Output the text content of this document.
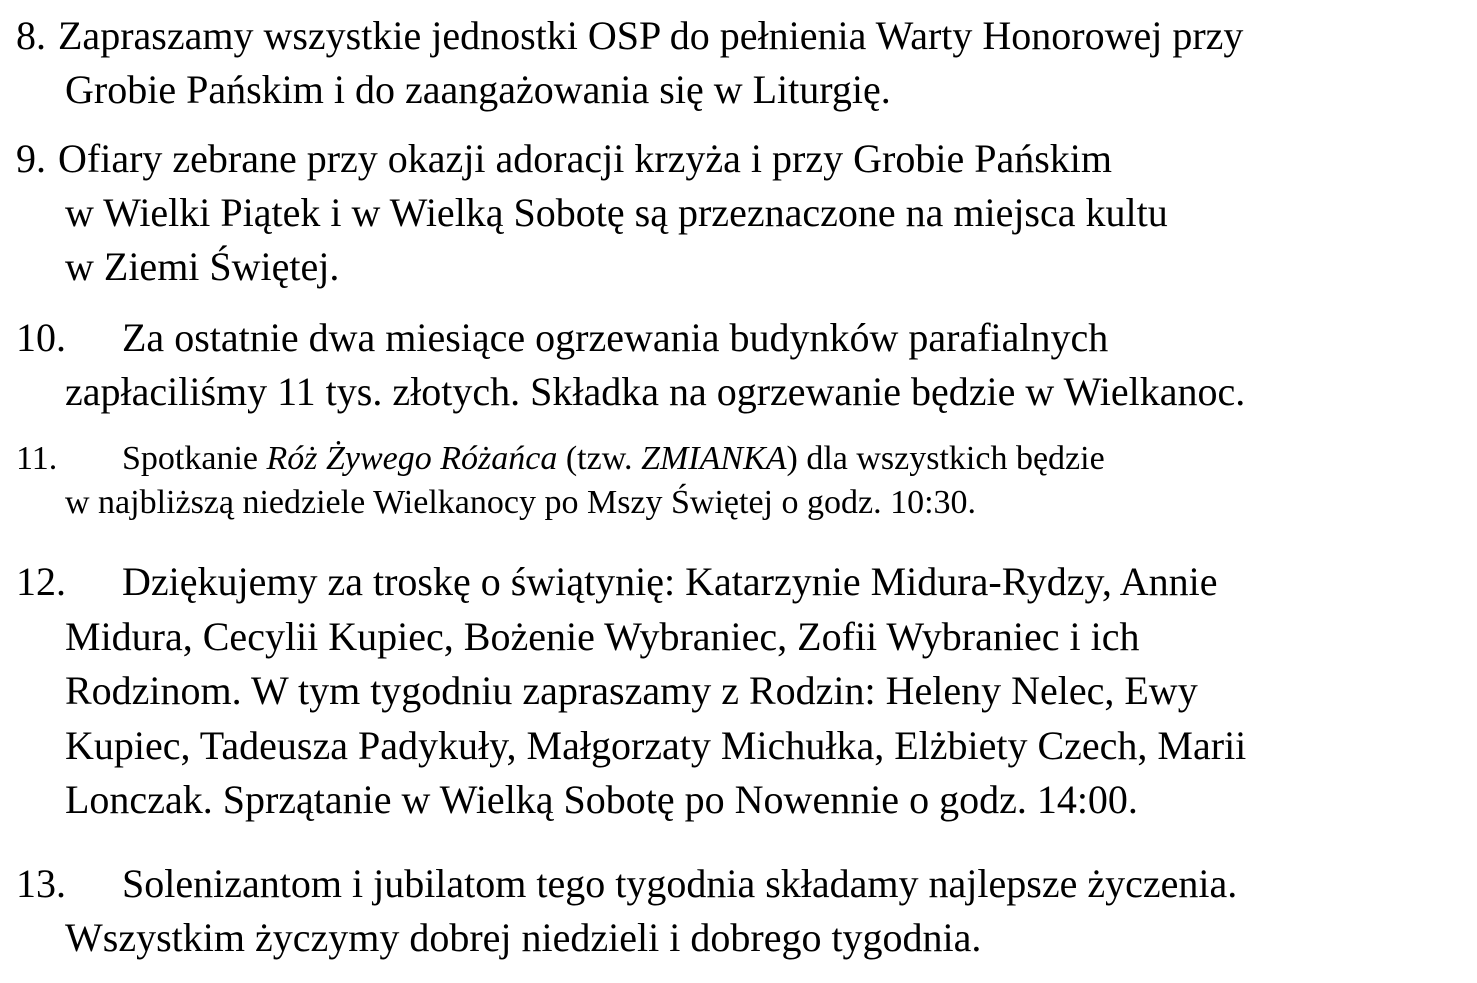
8. Zapraszamy wszystkie jednostki OSP do pełnienia Warty Honorowej przy
Grobie Pańskim i do zaangażowania się w Liturgię.
9. Ofiary zebrane przy okazji adoracji krzyża i przy Grobie Pańskim
w Wielki Piątek i w Wielką Sobotę są przeznaczone na miejsca kultu
w Ziemi Świętej.
10. Za ostatnie dwa miesiące ogrzewania budynków parafialnych
zapłaciliśmy 11 tys. złotych. Składka na ogrzewanie będzie w Wielkanoc.
11. Spotkanie Róż Żywego Różańca (tzw. ZMIANKA) dla wszystkich będzie
w najbliższą niedziele Wielkanocy po Mszy Świętej o godz. 10:30.
12. Dziękujemy za troskę o świątynię: Katarzynie Midura-Rydzy, Annie
Midura, Cecylii Kupiec, Bożenie Wybraniec, Zofii Wybraniec i ich
Rodzinom. W tym tygodniu zapraszamy z Rodzin: Heleny Nelec, Ewy
Kupiec, Tadeusza Padykuły, Małgorzaty Michułka, Elżbiety Czech, Marii
Lonczak. Sprzątanie w Wielką Sobotę po Nowennie o godz. 14:00.
13. Solenizantom i jubilatom tego tygodnia składamy najlepsze życzenia.
Wszystkim życzymy dobrej niedzieli i dobrego tygodnia.
